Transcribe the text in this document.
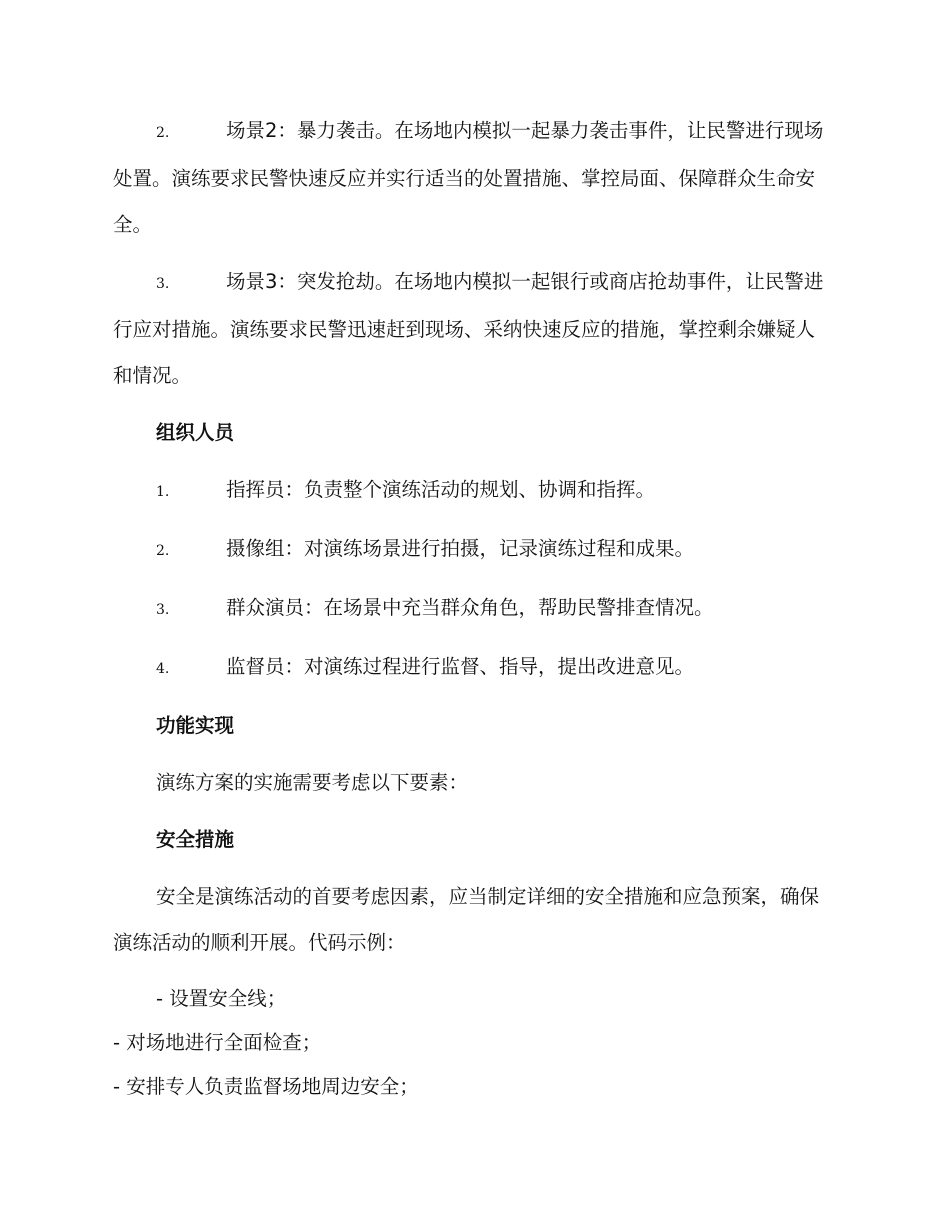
2.	场景2：暴力袭击。在场地内模拟一起暴力袭击事件，让民警进行现场处置。演练要求民警快速反应并实行适当的处置措施、掌控局面、保障群众生命安全。
3.	场景3：突发抢劫。在场地内模拟一起银行或商店抢劫事件，让民警进行应对措施。演练要求民警迅速赶到现场、采纳快速反应的措施，掌控剩余嫌疑人和情况。
组织人员
1.	指挥员：负责整个演练活动的规划、协调和指挥。
2.	摄像组：对演练场景进行拍摄，记录演练过程和成果。
3.	群众演员：在场景中充当群众角色，帮助民警排查情况。
4.	监督员：对演练过程进行监督、指导，提出改进意见。
功能实现
演练方案的实施需要考虑以下要素：
安全措施
安全是演练活动的首要考虑因素，应当制定详细的安全措施和应急预案，确保演练活动的顺利开展。代码示例：
- 设置安全线；
- 对场地进行全面检查；
- 安排专人负责监督场地周边安全；
